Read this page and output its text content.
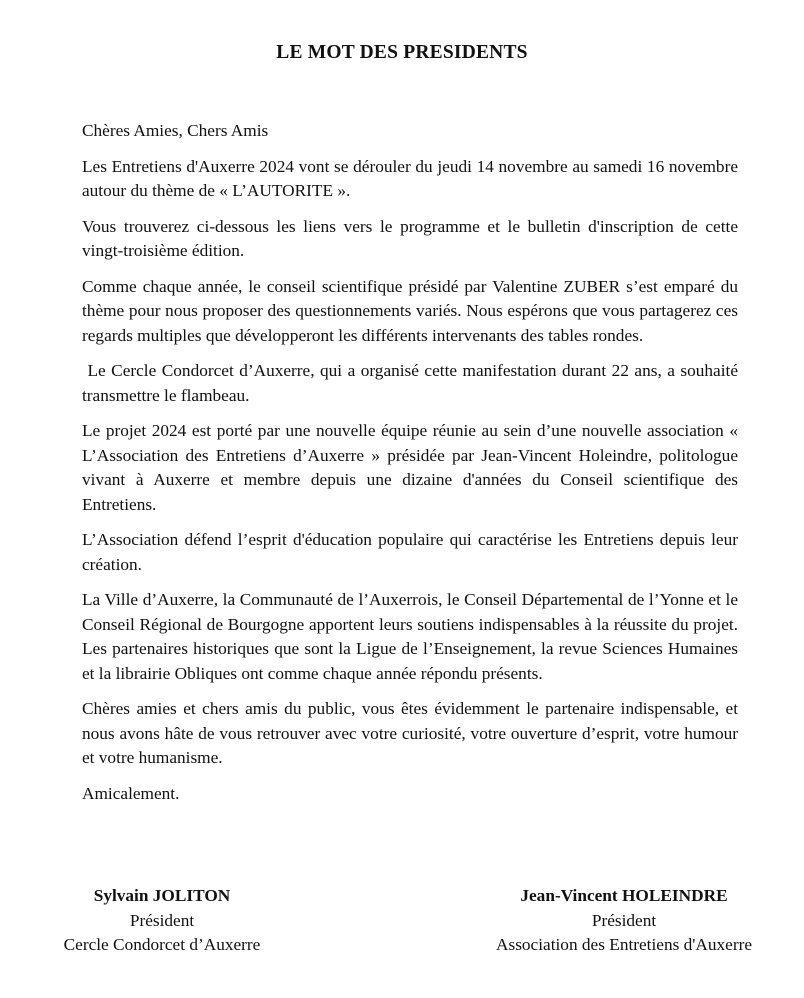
LE MOT DES PRESIDENTS

Chères Amies, Chers Amis

Les Entretiens d'Auxerre 2024 vont se dérouler du jeudi 14 novembre au samedi 16 novembre autour du thème de « L’AUTORITE ».

Vous trouverez ci-dessous les liens vers le programme et le bulletin d'inscription de cette vingt-troisième édition.

Comme chaque année, le conseil scientifique présidé par Valentine ZUBER s’est emparé du thème pour nous proposer des questionnements variés. Nous espérons que vous partagerez ces regards multiples que développeront les différents intervenants des tables rondes.

Le Cercle Condorcet d’Auxerre, qui a organisé cette manifestation durant 22 ans, a souhaité transmettre le flambeau.

Le projet 2024 est porté par une nouvelle équipe réunie au sein d’une nouvelle association « L’Association des Entretiens d’Auxerre » présidée par Jean-Vincent Holeindre, politologue vivant à Auxerre et membre depuis une dizaine d'années du Conseil scientifique des Entretiens.

L’Association défend l’esprit d'éducation populaire qui caractérise les Entretiens depuis leur création.

La Ville d’Auxerre, la Communauté de l’Auxerrois, le Conseil Départemental de l’Yonne et le Conseil Régional de Bourgogne apportent leurs soutiens indispensables à la réussite du projet. Les partenaires historiques que sont la Ligue de l’Enseignement, la revue Sciences Humaines et la librairie Obliques ont comme chaque année répondu présents.

Chères amies et chers amis du public, vous êtes évidemment le partenaire indispensable, et nous avons hâte de vous retrouver avec votre curiosité, votre ouverture d’esprit, votre humour et votre humanisme.

Amicalement.

Sylvain JOLITON
Président
Cercle Condorcet d’Auxerre
Jean-Vincent HOLEINDRE
Président
Association des Entretiens d'Auxerre
